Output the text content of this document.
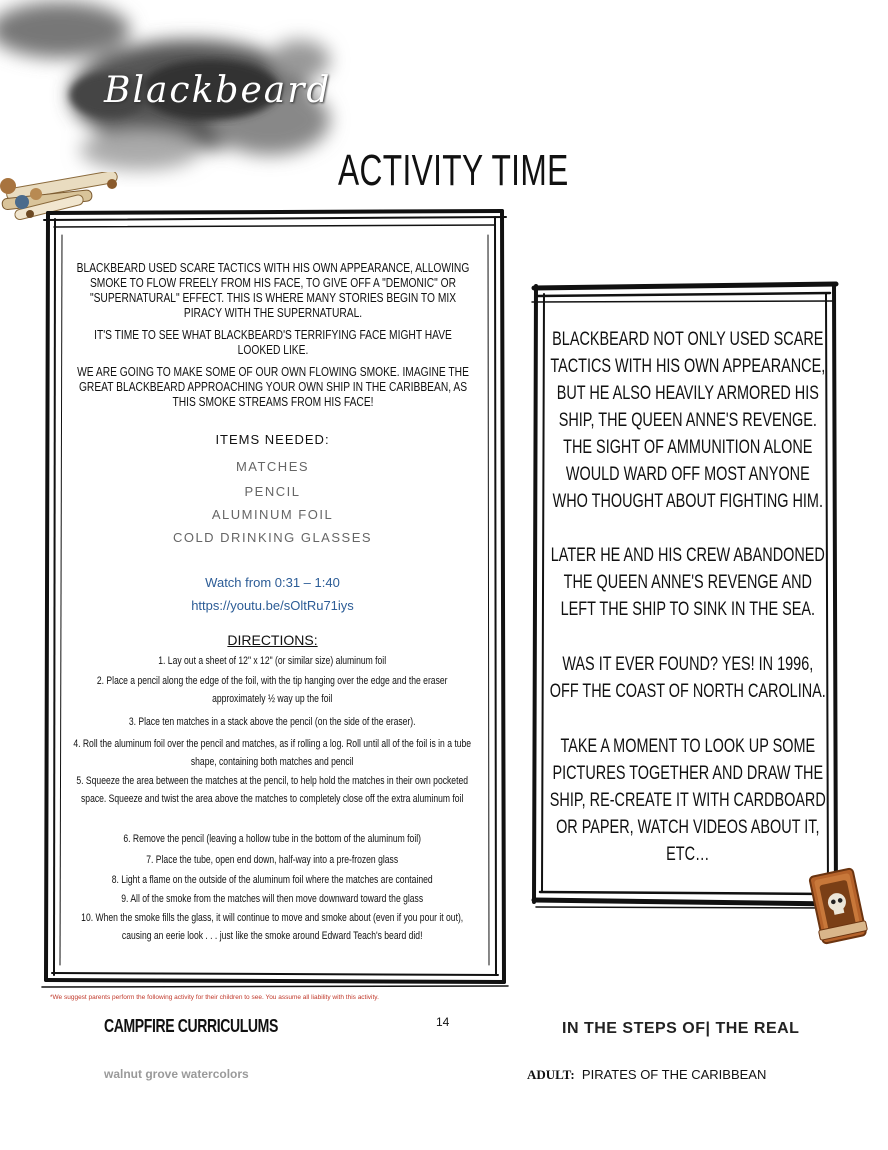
Blackbeard
ACTIVITY TIME
BLACKBEARD USED SCARE TACTICS WITH HIS OWN APPEARANCE, ALLOWING SMOKE TO FLOW FREELY FROM HIS FACE, TO GIVE OFF A "DEMONIC" OR "SUPERNATURAL" EFFECT. THIS IS WHERE MANY STORIES BEGIN TO MIX PIRACY WITH THE SUPERNATURAL.
IT'S TIME TO SEE WHAT BLACKBEARD'S TERRIFYING FACE MIGHT HAVE LOOKED LIKE.
WE ARE GOING TO MAKE SOME OF OUR OWN FLOWING SMOKE. IMAGINE THE GREAT BLACKBEARD APPROACHING YOUR OWN SHIP IN THE CARIBBEAN, AS THIS SMOKE STREAMS FROM HIS FACE!
ITEMS NEEDED:
MATCHES
PENCIL
ALUMINUM FOIL
COLD DRINKING GLASSES
Watch from 0:31 – 1:40
https://youtu.be/sOltRu71iys
DIRECTIONS:
1. Lay out a sheet of 12" x 12" (or similar size) aluminum foil
2. Place a pencil along the edge of the foil, with the tip hanging over the edge and the eraser approximately ½ way up the foil
3. Place ten matches in a stack above the pencil (on the side of the eraser).
4. Roll the aluminum foil over the pencil and matches, as if rolling a log. Roll until all of the foil is in a tube shape, containing both matches and pencil
5. Squeeze the area between the matches at the pencil, to help hold the matches in their own pocketed space. Squeeze and twist the area above the matches to completely close off the extra aluminum foil
6. Remove the pencil (leaving a hollow tube in the bottom of the aluminum foil)
7. Place the tube, open end down, half-way into a pre-frozen glass
8. Light a flame on the outside of the aluminum foil where the matches are contained
9. All of the smoke from the matches will then move downward toward the glass
10. When the smoke fills the glass, it will continue to move and smoke about (even if you pour it out), causing an eerie look . . . just like the smoke around Edward Teach's beard did!
BLACKBEARD NOT ONLY USED SCARE TACTICS WITH HIS OWN APPEARANCE, BUT HE ALSO HEAVILY ARMORED HIS SHIP, THE QUEEN ANNE'S REVENGE. THE SIGHT OF AMMUNITION ALONE WOULD WARD OFF MOST ANYONE WHO THOUGHT ABOUT FIGHTING HIM.
LATER HE AND HIS CREW ABANDONED THE QUEEN ANNE'S REVENGE AND LEFT THE SHIP TO SINK IN THE SEA.
WAS IT EVER FOUND? YES! IN 1996, OFF THE COAST OF NORTH CAROLINA.
TAKE A MOMENT TO LOOK UP SOME PICTURES TOGETHER AND DRAW THE SHIP, RE-CREATE IT WITH CARDBOARD OR PAPER, WATCH VIDEOS ABOUT IT, ETC…
*We suggest parents perform the following activity for their children to see. You assume all liability with this activity.
CAMPFIRE CURRICULUMS	14	IN THE STEPS OF| THE REAL
walnut grove watercolors	ADULT: PIRATES OF THE CARIBBEAN
